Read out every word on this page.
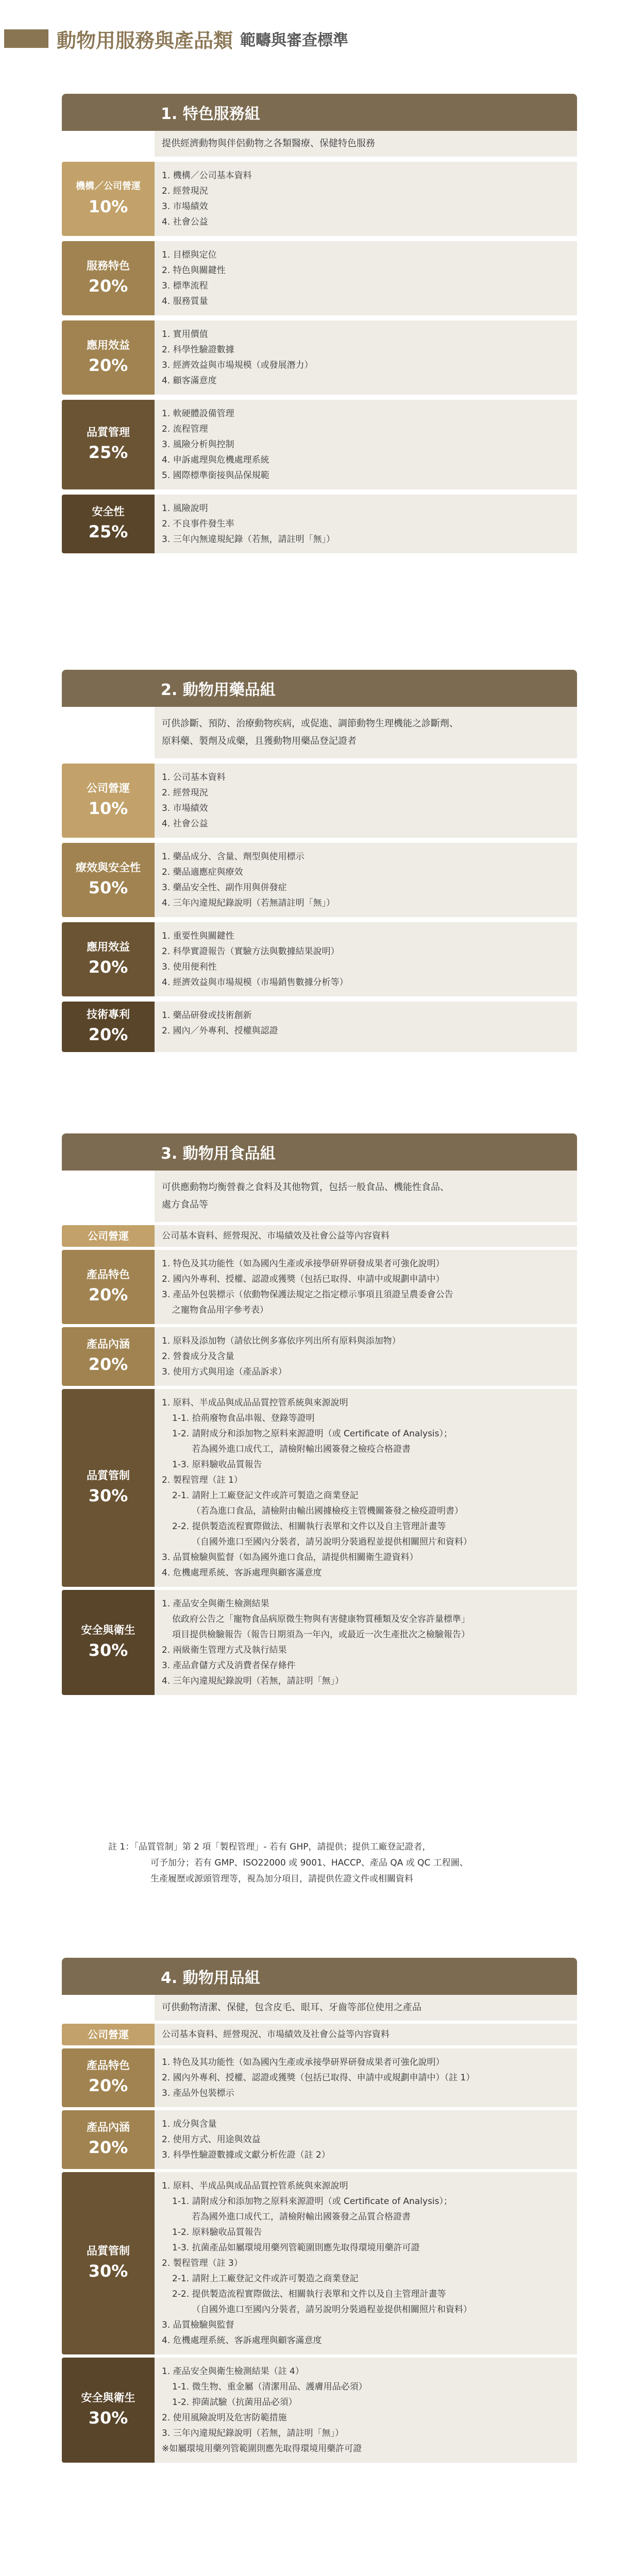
動物用服務與產品類 範疇與審查標準
1. 特色服務組
提供經濟動物與伴侶動物之各類醫療、保健特色服務
機構／公司營運
10%
1. 機構／公司基本資料
2. 經營現況
3. 市場績效
4. 社會公益
服務特色
20%
1. 目標與定位
2. 特色與關鍵性
3. 標準流程
4. 服務質量
應用效益
20%
1. 實用價值
2. 科學性驗證數據
3. 經濟效益與市場規模（或發展潛力）
4. 顧客滿意度
品質管理
25%
1. 軟硬體設備管理
2. 流程管理
3. 風險分析與控制
4. 申訴處理與危機處理系統
5. 國際標準銜接與品保規範
安全性
25%
1. 風險說明
2. 不良事件發生率
3. 三年內無違規紀錄（若無，請註明「無」）
2. 動物用藥品組
可供診斷、預防、治療動物疾病，或促進、調節動物生理機能之診斷劑、
原料藥、製劑及成藥，且獲動物用藥品登記證者
公司營運
10%
1. 公司基本資料
2. 經營現況
3. 市場績效
4. 社會公益
療效與安全性
50%
1. 藥品成分、含量、劑型與使用標示
2. 藥品適應症與療效
3. 藥品安全性、副作用與併發症
4. 三年內違規紀錄說明（若無請註明「無」）
應用效益
20%
1. 重要性與關鍵性
2. 科學實證報告（實驗方法與數據結果說明）
3. 使用便利性
4. 經濟效益與市場規模（市場銷售數據分析等）
技術專利
20%
1. 藥品研發或技術創新
2. 國內／外專利、授權與認證
3. 動物用食品組
可供應動物均衡營養之食料及其他物質，包括一般食品、機能性食品、
處方食品等
公司營運	公司基本資料、經營現況、市場績效及社會公益等內容資料
產品特色
20%
1. 特色及其功能性（如為國內生產或承接學研界研發成果者可強化說明）
2. 國內外專利、授權、認證或獲獎（包括已取得、申請中或規劃申請中）
3. 產品外包裝標示（依動物保護法規定之指定標示事項且須證呈農委會公告
之寵物食品用字參考表）
產品內涵
20%
1. 原料及添加物（請依比例多寡依序列出所有原料與添加物）
2. 營養成分及含量
3. 使用方式與用途（產品訴求）
品質管制
30%
1. 原料、半成品與成品品質控管系統與來源說明
1-1. 拾荊廢物食品串報、登錄等證明
1-2. 請附成分和添加物之原料來源證明（或 Certificate of Analysis）；
若為國外進口成代工，請檢附輸出國簽發之檢疫合格證書
1-3. 原料驗收品質報告
2. 製程管理（註 1）
2-1. 請附上工廠登記文件或許可製造之商業登記
（若為進口食品，請檢附由輸出國據檢疫主管機關簽發之檢疫證明書）
2-2. 提供製造流程實際做法、相關執行表單和文件以及自主管理計畫等
（自國外進口至國內分裝者，請另說明分裝過程並提供相關照片和資料）
3. 品質檢驗與監督（如為國外進口食品，請提供相關衛生證資料）
4. 危機處理系統、客訴處理與顧客滿意度
安全與衛生
30%
1. 產品安全與衛生檢測結果
依政府公告之「寵物食品病原微生物與有害健康物質種類及安全容許量標準」
項目提供檢驗報告（報告日期須為一年內，或最近一次生產批次之檢驗報告）
2. 兩級衛生管理方式及執行結果
3. 產品倉儲方式及消費者保存條件
4. 三年內違規紀錄說明（若無，請註明「無」）
註 1：「品質管制」第 2 項「製程管理」- 若有 GHP，請提供；提供工廠登記證者，
可予加分；若有 GMP、ISO22000 或 9001、HACCP、產品 QA 或 QC 工程圖、
生產履歷或源頭管理等，視為加分項目，請提供佐證文件或相關資料
4. 動物用品組
可供動物清潔、保健，包含皮毛、眼耳、牙齒等部位使用之產品
公司營運	公司基本資料、經營現況、市場績效及社會公益等內容資料
產品特色
20%
1. 特色及其功能性（如為國內生產或承接學研界研發成果者可強化說明）
2. 國內外專利、授權、認證或獲獎（包括已取得、申請中或規劃申請中）（註 1）
3. 產品外包裝標示
產品內涵
20%
1. 成分與含量
2. 使用方式、用途與效益
3. 科學性驗證數據或文獻分析佐證（註 2）
品質管制
30%
1. 原料、半成品與成品品質控管系統與來源說明
1-1. 請附成分和添加物之原料來源證明（或 Certificate of Analysis）；
若為國外進口成代工，請檢附輸出國簽發之品質合格證書
1-2. 原料驗收品質報告
1-3. 抗菌產品如屬環境用藥列管範圍則應先取得環境用藥許可證
2. 製程管理（註 3）
2-1. 請附上工廠登記文件或許可製造之商業登記
2-2. 提供製造流程實際做法、相關執行表單和文件以及自主管理計畫等
（自國外進口至國內分裝者，請另說明分裝過程並提供相關照片和資料）
3. 品質檢驗與監督
4. 危機處理系統、客訴處理與顧客滿意度
安全與衛生
30%
1. 產品安全與衛生檢測結果（註 4）
1-1. 微生物、重金屬（清潔用品、護膚用品必須）
1-2. 抑菌試驗（抗菌用品必須）
2. 使用風險說明及危害防範措施
3. 三年內違規紀錄說明（若無，請註明「無」）
※如屬環境用藥列管範圍則應先取得環境用藥許可證
